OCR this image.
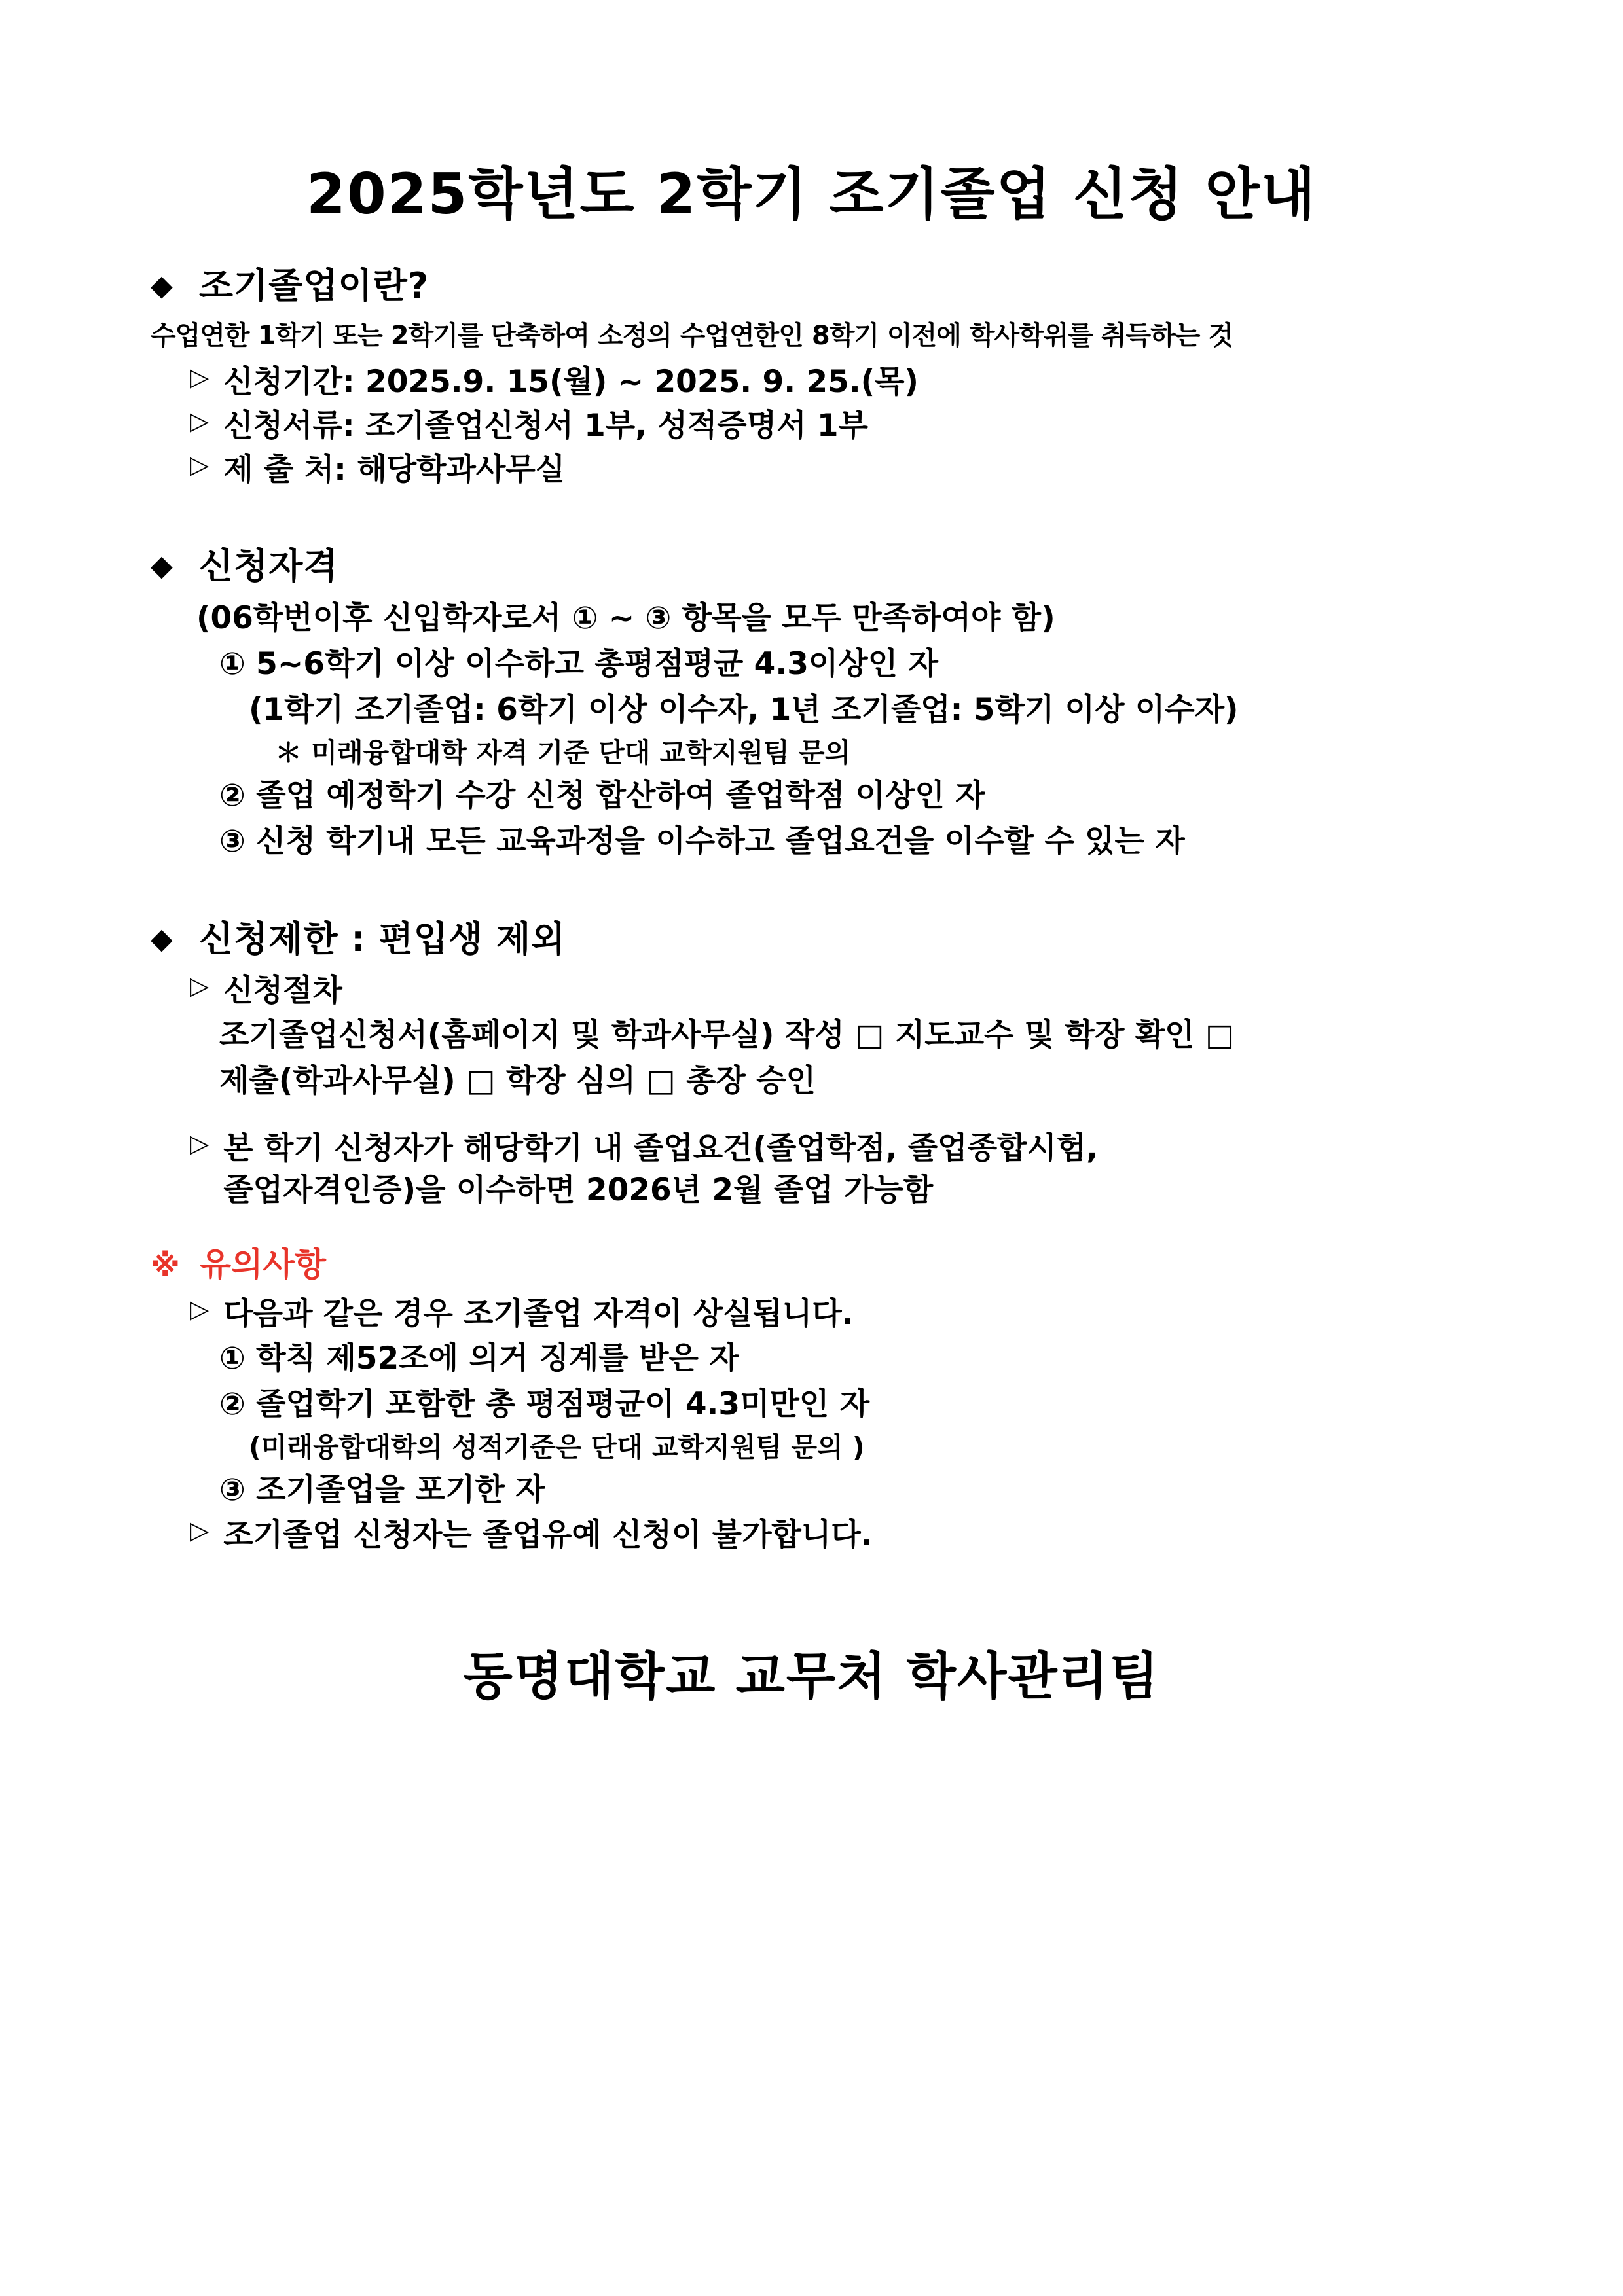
2025학년도 2학기 조기졸업 신청 안내
◆ 조기졸업이란?

수업연한 1학기 또는 2학기를 단축하여 소정의 수업연한인 8학기 이전에 학사학위를 취득하는 것

▷ 신청기간: 2025.9. 15(월) ~ 2025. 9. 25.(목)
▷ 신청서류: 조기졸업신청서 1부, 성적증명서 1부
▷ 제 출 처: 해당학과사무실
◆ 신청자격

(06학번이후 신입학자로서 ① ~ ③ 항목을 모두 만족하여야 함)

① 5~6학기 이상 이수하고 총평점평균 4.3이상인 자

(1학기 조기졸업: 6학기 이상 이수자, 1년 조기졸업: 5학기 이상 이수자)

＊ 미래융합대학 자격 기준 단대 교학지원팀 문의

② 졸업 예정학기 수강 신청 합산하여 졸업학점 이상인 자

③ 신청 학기내 모든 교육과정을 이수하고 졸업요건을 이수할 수 있는 자

◆ 신청제한 : 편입생 제외
▷ 신청절차

조기졸업신청서(홈페이지 및 학과사무실) 작성 □ 지도교수 및 학장 확인 □

제출(학과사무실) □ 학장 심의 □ 총장 승인

▷ 본 학기 신청자가 해당학기 내 졸업요건(졸업학점, 졸업종합시험,
졸업자격인증)을 이수하면 2026년 2월 졸업 가능함
※ 유의사항
▷ 다음과 같은 경우 조기졸업 자격이 상실됩니다.

① 학칙 제52조에 의거 징계를 받은 자

② 졸업학기 포함한 총 평점평균이 4.3미만인 자

(미래융합대학의 성적기준은 단대 교학지원팀 문의 )

③ 조기졸업을 포기한 자

▷ 조기졸업 신청자는 졸업유예 신청이 불가합니다.
동명대학교 교무처 학사관리팀
